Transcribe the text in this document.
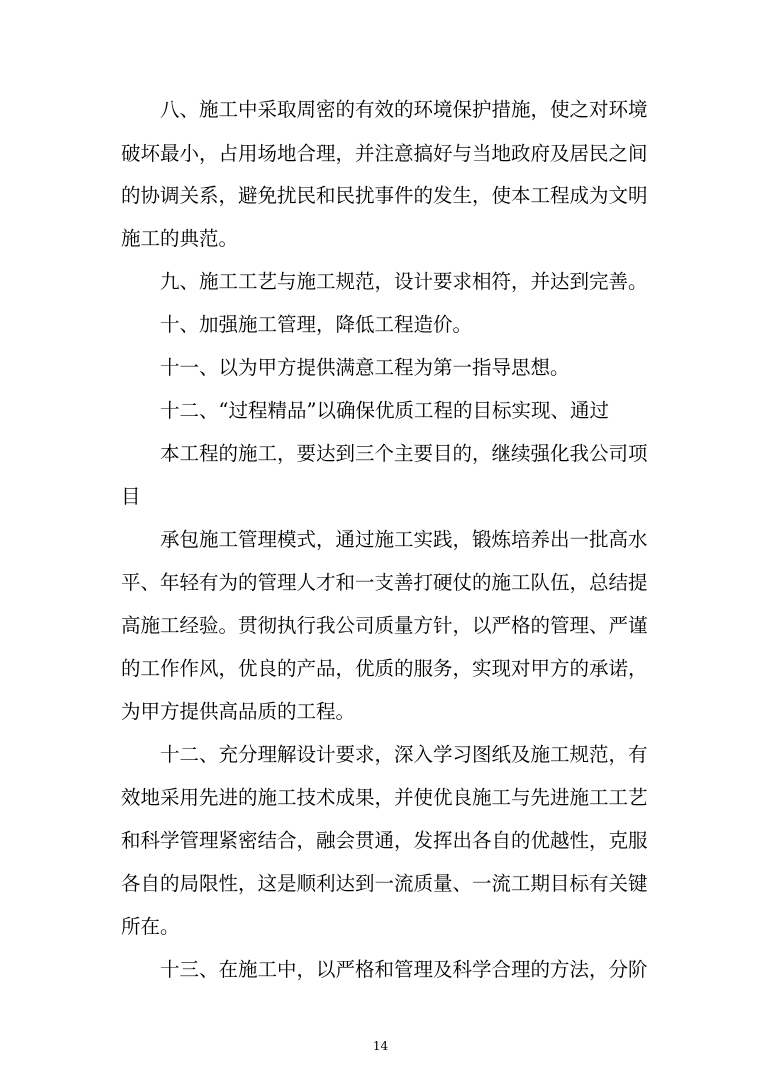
八、施工中采取周密的有效的环境保护措施，使之对环境
破坏最小，占用场地合理，并注意搞好与当地政府及居民之间
的协调关系，避免扰民和民扰事件的发生，使本工程成为文明
施工的典范。
九、施工工艺与施工规范，设计要求相符，并达到完善。
十、加强施工管理，降低工程造价。
十一、以为甲方提供满意工程为第一指导思想。
十二、“过程精品”以确保优质工程的目标实现、通过
本工程的施工，要达到三个主要目的，继续强化我公司项
目
承包施工管理模式，通过施工实践，锻炼培养出一批高水
平、年轻有为的管理人才和一支善打硬仗的施工队伍，总结提
高施工经验。贯彻执行我公司质量方针，以严格的管理、严谨
的工作作风，优良的产品，优质的服务，实现对甲方的承诺，
为甲方提供高品质的工程。
十二、充分理解设计要求，深入学习图纸及施工规范，有
效地采用先进的施工技术成果，并使优良施工与先进施工工艺
和科学管理紧密结合，融会贯通，发挥出各自的优越性，克服
各自的局限性，这是顺利达到一流质量、一流工期目标有关键
所在。
十三、在施工中，以严格和管理及科学合理的方法，分阶
14
